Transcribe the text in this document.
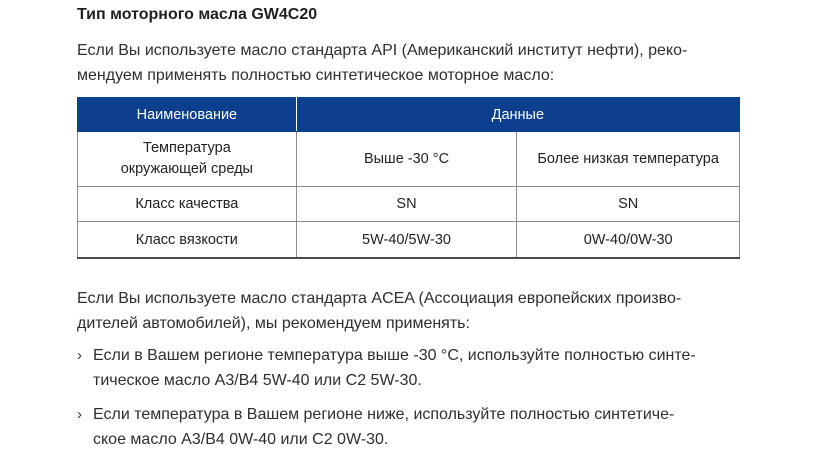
Тип моторного масла GW4C20
Если Вы используете масло стандарта API (Американский институт нефти), реко-
мендуем применять полностью синтетическое моторное масло:
Наименование	Данные	

Температура
окружающей среды	Выше -30 °C	Более низкая температура
Класс качества	SN	SN
Класс вязкости	5W-40/5W-30	0W-40/0W-30
Если Вы используете масло стандарта ACEA (Ассоциация европейских произво-
дителей автомобилей), мы рекомендуем применять:
› Если в Вашем регионе температура выше -30 °C, используйте полностью синте-
тическое масло A3/B4 5W-40 или C2 5W-30.
› Если температура в Вашем регионе ниже, используйте полностью синтетиче-
ское масло A3/B4 0W-40 или C2 0W-30.
